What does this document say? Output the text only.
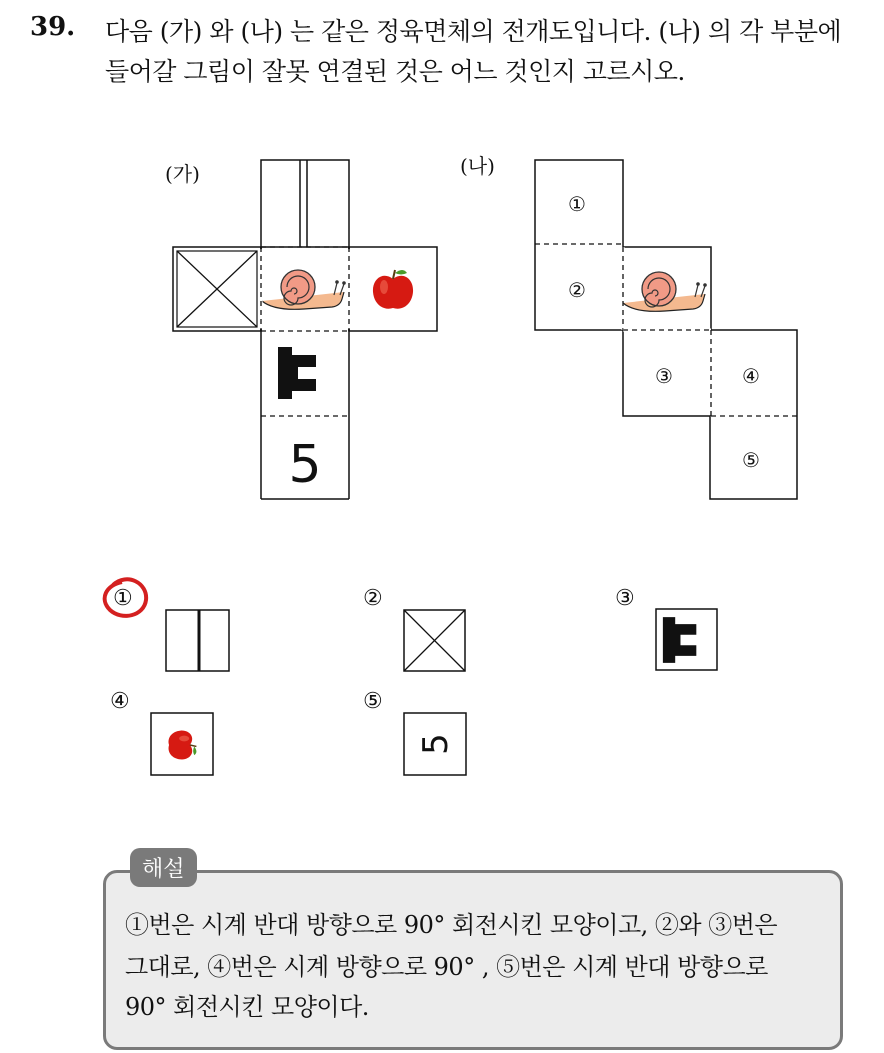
39. 다음 (가) 와 (나) 는 같은 정육면체의 전개도입니다. (나) 의 각 부분에
들어갈 그림이 잘못 연결된 것은 어느 것인지 고르시오.
(가)	(나)
5
5
①
②
③	④
⑤
①	②	③
④	⑤
해설
①번은 시계 반대 방향으로 90° 회전시킨 모양이고, ②와 ③번은
그대로, ④번은 시계 방향으로 90° , ⑤번은 시계 반대 방향으로
90° 회전시킨 모양이다.
